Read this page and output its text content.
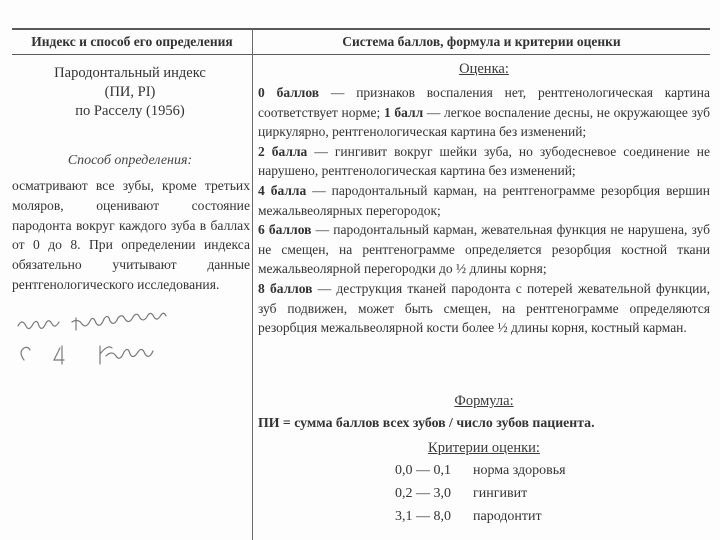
Индекс и способ его определения	Система баллов, формула и критерии оценки
Пародонтальный индекс
(ПИ, PI)
по Расселу (1956)
Способ определения:
осматривают все зубы, кроме третьих моляров, оценивают состояние пародонта вокруг каждого зуба в баллах от 0 до 8. При определении индекса обязательно учитывают данные рентгенологического исследования.
Оценка:

0 баллов — признаков воспаления нет, рентгенологическая картина соответствует норме; 1 балл — легкое воспаление десны, не окружающее зуб циркулярно, рентгенологическая картина без изменений;

2 балла — гингивит вокруг шейки зуба, но зубодесневое соединение не нарушено, рентгенологическая картина без изменений;

4 балла — пародонтальный карман, на рентгенограмме резорбция вершин межальвеолярных перегородок;

6 баллов — пародонтальный карман, жевательная функция не нарушена, зуб не смещен, на рентгенограмме определяется резорбция костной ткани межальвеолярной перегородки до ½ длины корня;

8 баллов — деструкция тканей пародонта с потерей жевательной функции, зуб подвижен, может быть смещен, на рентгенограмме определяются резорбция межальвеолярной кости более ½ длины корня, костный карман.

Формула:
ПИ = сумма баллов всех зубов / число зубов пациента.
Критерии оценки:
0,0 — 0,1 норма здоровья
0,2 — 3,0 гингивит
3,1 — 8,0 пародонтит
